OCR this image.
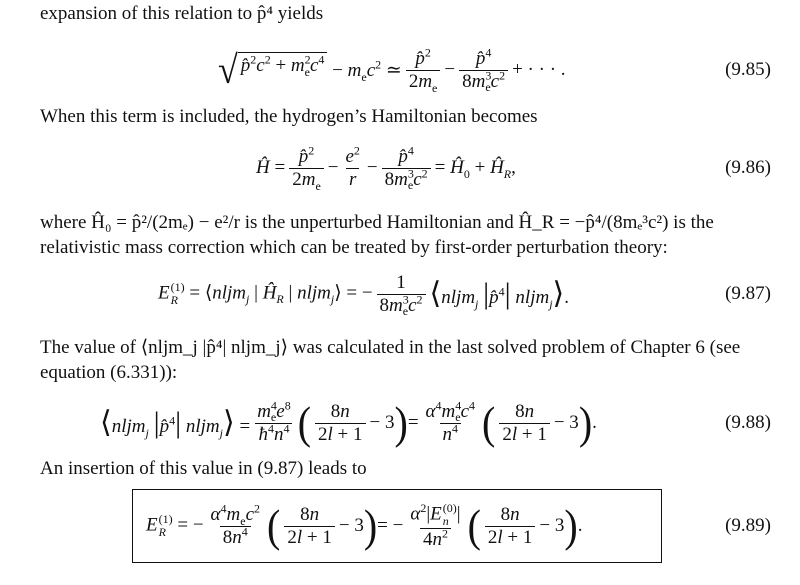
expansion of this relation to p̂⁴ yields
√ $p̂^2c^2 + m^2_ec^4 - m_ec^2$ ≃ $\frac{p̂^2}{2m_e} - \frac{p̂^4}{8m^3_ec^2}$ + · · · .	(9.85)
When this term is included, the hydrogen’s Hamiltonian becomes
Ĥ = $\frac{p̂^2}{2m_e} - \frac{e^2}{r} - \frac{p̂^4}{8m^3_ec^2}$ = $Ĥ_0$ + $Ĥ_R$,	(9.86)
where Ĥ₀ = p̂²/(2mₑ) − e²/r is the unperturbed Hamiltonian and Ĥ_R = −p̂⁴/(8mₑ³c²) is the
relativistic mass correction which can be treated by first-order perturbation theory:
E (1)
R = ⟨nljm$_j$ | $Ĥ_R$ | nljm$_j$⟩ = − $\frac{1}{8m^3_ec^2}$ ⟨nljm$_j$ |p̂$^4$| nljm$_j$⟩.	(9.87)
The value of ⟨nljm_j |p̂⁴| nljm_j⟩ was calculated in the last solved problem of Chapter 6 (see
equation (6.331)):
⟨nljm$_j$ |p̂$^4$| nljm$_j$⟩ = $\frac{m^4_ee^8}{ħ^4n^4}$ ( $\frac{8n}{2l + 1} - 3$ ) = $\frac{\alpha^4m^4_ec^4}{n^4}$ ( $\frac{8n}{2l + 1} - 3$ ) .	(9.88)
An insertion of this value in (9.87) leads to
E (1)
R = − $\frac{\alpha^4m_ec^2}{8n^4}$ ( $\frac{8n}{2l + 1} - 3$ ) = − $\alpha^2|E$ (0)
n |
$4n^2$ ( $\frac{8n}{2l + 1} - 3$ ) .	(9.89)
